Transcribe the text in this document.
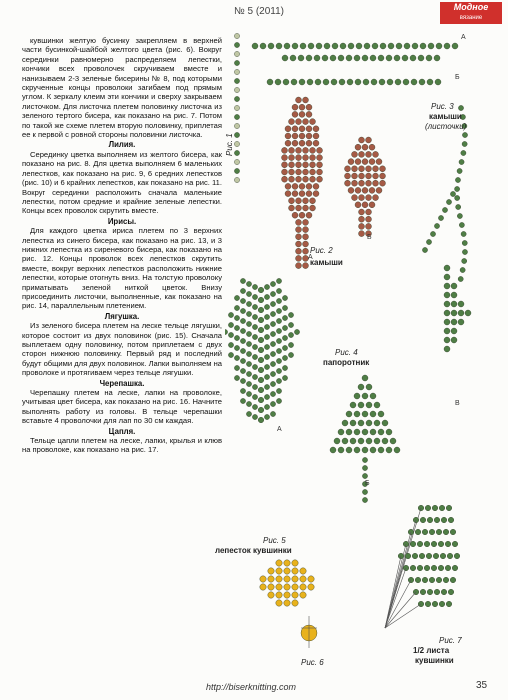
№ 5 (2011)	Модное
вязание

кувшинки желтую бусинку закрепляем в верхней части бусинкой-шайбой желтого цвета (рис. 6). Вокруг серединки равномерно распределяем лепестки, кончики всех проволочек скручиваем вместе и нанизываем 2-3 зеленые бисерины № 8, под которыми скрученные концы проволоки загибаем под прямым углом. К зеркалу клеим эти кончики и сверху закрываем листочком. Для листочка плетем половинку листочка из зеленого тертого бисера, как показано на рис. 7. Потом по такой же схеме плетем вторую половинку, приплетая ее к первой с ровной стороны половинки листочка.

Лилия.

Серединку цветка выполняем из желтого бисера, как показано на рис. 8. Для цветка выполняем 6 маленьких лепестков, как показано на рис. 9, 6 средних лепестков (рис. 10) и 6 крайних лепестков, как показано на рис. 11. Вокруг серединки расположить сначала маленькие лепестки, потом средние и крайние зеленые лепестки. Концы всех проволок скрутить вместе.

Ирисы.

Для каждого цветка ириса плетем по 3 верхних лепестка из синего бисера, как показано на рис. 13, и 3 нижних лепестка из сиреневого бисера, как показано на рис. 12. Концы проволок всех лепестков скрутить вместе, вокруг верхних лепестков расположить нижние лепестки, которые отогнуть вниз. На толстую проволоку приматывать зеленой ниткой цветок. Внизу присоединить листочки, выполненные, как показано на рис. 14, параллельным плетением.

Лягушка.

Из зеленого бисера плетем на леске тельце лягушки, которое состоит из двух половинок (рис. 15). Сначала выплетаем одну половинку, потом приплетаем с двух сторон нижнюю половинку. Первый ряд и последний будут общими для двух половинок. Лапки выполняем на проволоке и протягиваем через тельце лягушки.

Черепашка.

Черепашку плетем на леске, лапки на проволоке, учитывая цвет бисера, как показано на рис. 16. Начните выполнять работу из головы. В тельце черепашки вставьте 4 проволочки для лап по 30 см каждая.

Цапля.

Тельце цапли плетем на леске, лапки, крылья и клюв на проволоке, как показано на рис. 17.

Рис. 1
А
Б
Рис. 3
камыши
(листочки)
А
Б
Рис. 2
камыши
Рис. 4
папоротник
А
Б
В
Рис. 5
лепесток кувшинки
Рис. 6
Рис. 7
1/2 листа
кувшинки
http://biserknitting.com	35
